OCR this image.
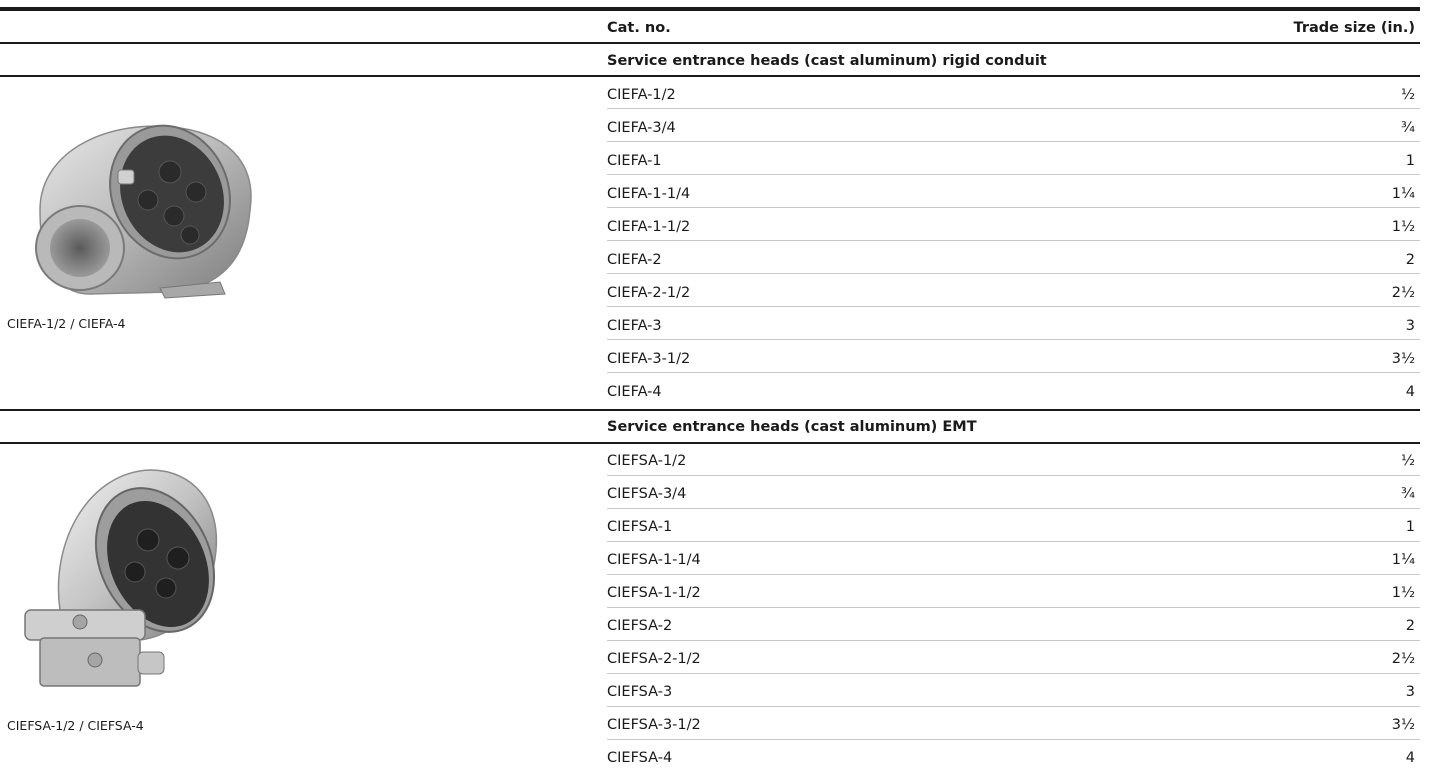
Cat. no.	Trade size (in.)
Service entrance heads (cast aluminum) rigid conduit
CIEFA-1/2 / CIEFA-4
CIEFA-1/2	½
CIEFA-3/4	¾
CIEFA-1	1
CIEFA-1-1/4	1¼
CIEFA-1-1/2	1½
CIEFA-2	2
CIEFA-2-1/2	2½
CIEFA-3	3
CIEFA-3-1/2	3½
CIEFA-4	4
Service entrance heads (cast aluminum) EMT
CIEFSA-1/2 / CIEFSA-4
CIEFSA-1/2	½
CIEFSA-3/4	¾
CIEFSA-1	1
CIEFSA-1-1/4	1¼
CIEFSA-1-1/2	1½
CIEFSA-2	2
CIEFSA-2-1/2	2½
CIEFSA-3	3
CIEFSA-3-1/2	3½
CIEFSA-4	4
